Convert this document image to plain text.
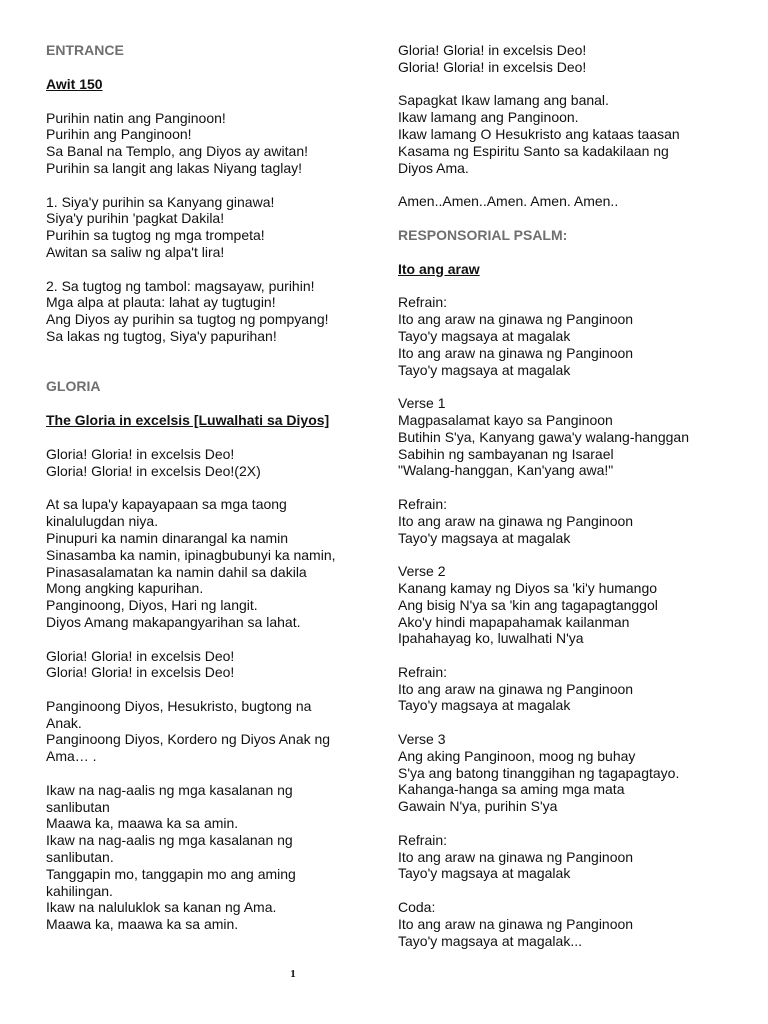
ENTRANCE
Awit 150
Purihin natin ang Panginoon!
Purihin ang Panginoon!
Sa Banal na Templo, ang Diyos ay awitan!
Purihin sa langit ang lakas Niyang taglay!
1. Siya'y purihin sa Kanyang ginawa!
Siya'y purihin 'pagkat Dakila!
Purihin sa tugtog ng mga trompeta!
Awitan sa saliw ng alpa't lira!
2. Sa tugtog ng tambol: magsayaw, purihin!
Mga alpa at plauta: lahat ay tugtugin!
Ang Diyos ay purihin sa tugtog ng pompyang!
Sa lakas ng tugtog, Siya'y papurihan!
GLORIA
The Gloria in excelsis [Luwalhati sa Diyos]
Gloria! Gloria! in excelsis Deo!
Gloria! Gloria! in excelsis Deo!(2X)
At sa lupa'y kapayapaan sa mga taong
kinalulugdan niya.
Pinupuri ka namin dinarangal ka namin
Sinasamba ka namin, ipinagbubunyi ka namin,
Pinasasalamatan ka namin dahil sa dakila
Mong angking kapurihan.
Panginoong, Diyos, Hari ng langit.
Diyos Amang makapangyarihan sa lahat.
Gloria! Gloria! in excelsis Deo!
Gloria! Gloria! in excelsis Deo!
Panginoong Diyos, Hesukristo, bugtong na
Anak.
Panginoong Diyos, Kordero ng Diyos Anak ng
Ama… .
Ikaw na nag-aalis ng mga kasalanan ng
sanlibutan
Maawa ka, maawa ka sa amin.
Ikaw na nag-aalis ng mga kasalanan ng
sanlibutan.
Tanggapin mo, tanggapin mo ang aming
kahilingan.
Ikaw na naluluklok sa kanan ng Ama.
Maawa ka, maawa ka sa amin.
Gloria! Gloria! in excelsis Deo!
Gloria! Gloria! in excelsis Deo!
Sapagkat Ikaw lamang ang banal.
Ikaw lamang ang Panginoon.
Ikaw lamang O Hesukristo ang kataas taasan
Kasama ng Espiritu Santo sa kadakilaan ng
Diyos Ama.
Amen..Amen..Amen. Amen. Amen..
RESPONSORIAL PSALM:
Ito ang araw
Refrain:
Ito ang araw na ginawa ng Panginoon
Tayo'y magsaya at magalak
Ito ang araw na ginawa ng Panginoon
Tayo'y magsaya at magalak
Verse 1
Magpasalamat kayo sa Panginoon
Butihin S'ya, Kanyang gawa'y walang-hanggan
Sabihin ng sambayanan ng Isarael
"Walang-hanggan, Kan'yang awa!"
Refrain:
Ito ang araw na ginawa ng Panginoon
Tayo'y magsaya at magalak
Verse 2
Kanang kamay ng Diyos sa 'ki'y humango
Ang bisig N'ya sa 'kin ang tagapagtanggol
Ako'y hindi mapapahamak kailanman
Ipahahayag ko, luwalhati N'ya
Refrain:
Ito ang araw na ginawa ng Panginoon
Tayo'y magsaya at magalak
Verse 3
Ang aking Panginoon, moog ng buhay
S'ya ang batong tinanggihan ng tagapagtayo.
Kahanga-hanga sa aming mga mata
Gawain N'ya, purihin S'ya
Refrain:
Ito ang araw na ginawa ng Panginoon
Tayo'y magsaya at magalak
Coda:
Ito ang araw na ginawa ng Panginoon
Tayo'y magsaya at magalak...
1
